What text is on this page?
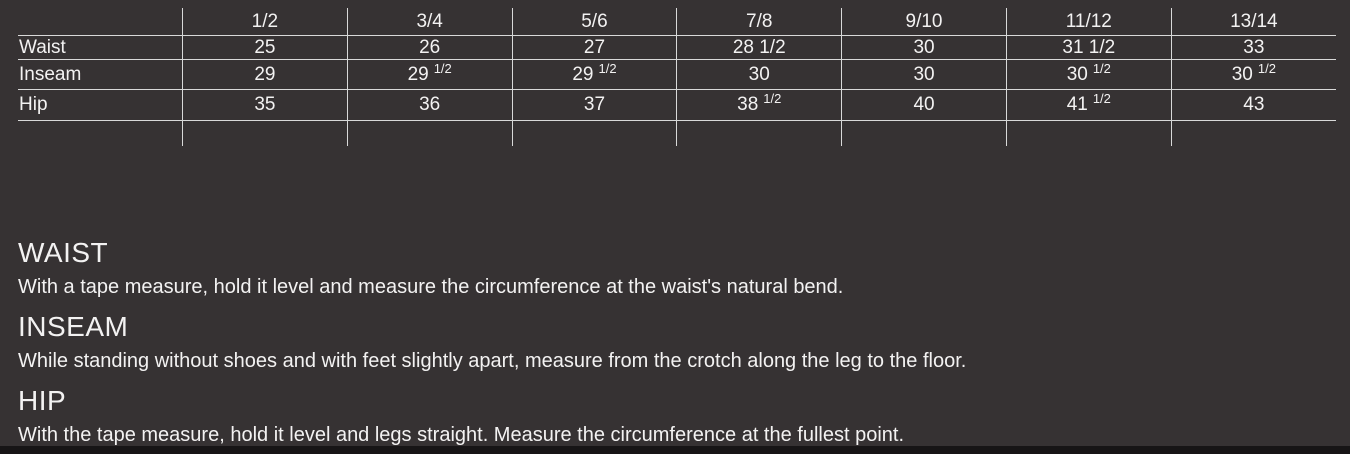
	1/2	3/4	5/6	7/8	9/10	11/12	13/14
Waist	25	26	27	28 1/2	30	31 1/2	33
Inseam	29	29 1/2	29 1/2	30	30	30 1/2	30 1/2
Hip	35	36	37	38 1/2	40	41 1/2	43

WAIST

With a tape measure, hold it level and measure the circumference at the waist's natural bend.

INSEAM

While standing without shoes and with feet slightly apart, measure from the crotch along the leg to the floor.

HIP

With the tape measure, hold it level and legs straight. Measure the circumference at the fullest point.
